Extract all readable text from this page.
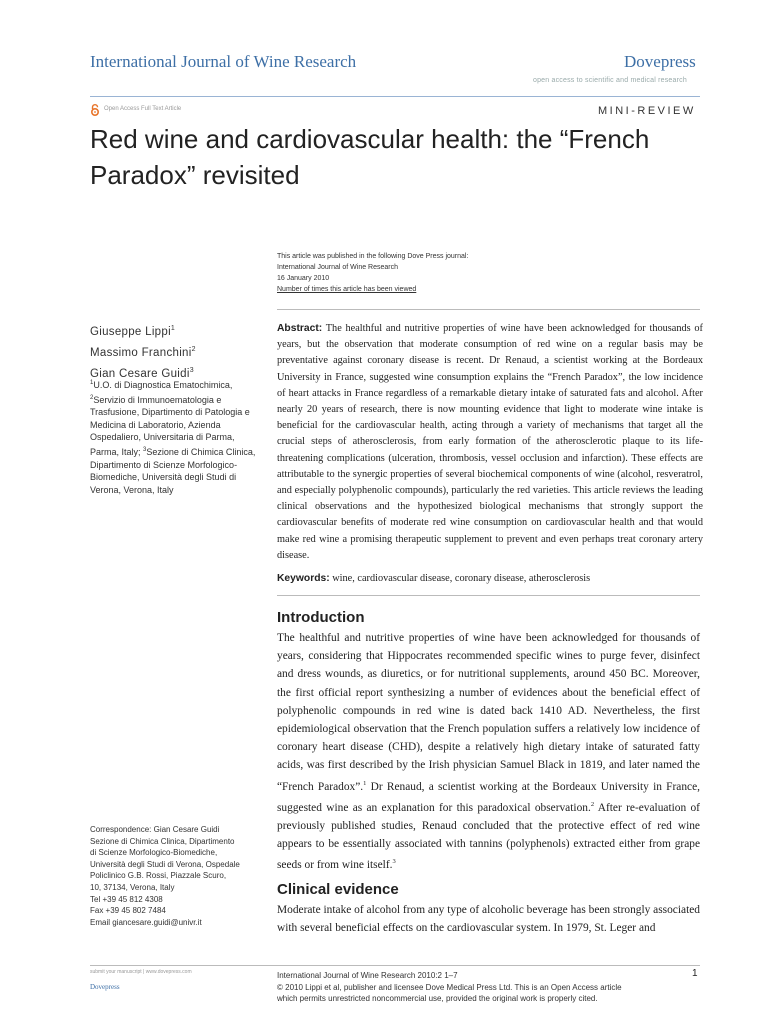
International Journal of Wine Research	Dovepress
open access to scientific and medical research
Open Access Full Text Article	MINI-REVIEW
Red wine and cardiovascular health: the “French Paradox” revisited
This article was published in the following Dove Press journal:
International Journal of Wine Research
16 January 2010
Number of times this article has been viewed
Giuseppe Lippi$^1$
Massimo Franchini$^2$
Gian Cesare Guidi$^3$
$^1$U.O. di Diagnostica Ematochimica, $^2$Servizio di Immunoematologia e Trasfusione, Dipartimento di Patologia e Medicina di Laboratorio, Azienda Ospedaliero, Universitaria di Parma, Parma, Italy; $^3$Sezione di Chimica Clinica, Dipartimento di Scienze Morfologico-Biomediche, Università degli Studi di Verona, Verona, Italy
Abstract: The healthful and nutritive properties of wine have been acknowledged for thousands of years, but the observation that moderate consumption of red wine on a regular basis may be preventative against coronary disease is recent. Dr Renaud, a scientist working at the Bordeaux University in France, suggested wine consumption explains the “French Paradox”, the low incidence of heart attacks in France regardless of a remarkable dietary intake of saturated fats and alcohol. After nearly 20 years of research, there is now mounting evidence that light to moderate wine intake is beneficial for the cardiovascular health, acting through a variety of mechanisms that target all the crucial steps of atherosclerosis, from early formation of the atherosclerotic plaque to its life-threatening complications (ulceration, thrombosis, vessel occlusion and infarction). These effects are attributable to the synergic properties of several biochemical components of wine (alcohol, resveratrol, and especially polyphenolic compounds), particularly the red varieties. This article reviews the leading clinical observations and the hypothesized biological mechanisms that strongly support the cardiovascular benefits of moderate red wine consumption on cardiovascular health and that would make red wine a promising therapeutic supplement to prevent and even perhaps treat coronary artery disease.
Keywords: wine, cardiovascular disease, coronary disease, atherosclerosis
Introduction
The healthful and nutritive properties of wine have been acknowledged for thousands of years, considering that Hippocrates recommended specific wines to purge fever, disinfect and dress wounds, as diuretics, or for nutritional supplements, around 450 BC. Moreover, the first official report synthesizing a number of evidences about the beneficial effect of polyphenolic compounds in red wine is dated back 1410 AD. Nevertheless, the first epidemiological observation that the French population suffers a relatively low incidence of coronary heart disease (CHD), despite a relatively high dietary intake of saturated fatty acids, was first described by the Irish physician Samuel Black in 1819, and later named the “French Paradox”.$^1$ Dr Renaud, a scientist working at the Bordeaux University in France, suggested wine as an explanation for this paradoxical observation.$^2$ After re-evaluation of previously published studies, Renaud concluded that the protective effect of red wine appears to be essentially associated with tannins (polyphenols) extracted either from grape seeds or from wine itself.$^3$
Clinical evidence
Moderate intake of alcohol from any type of alcoholic beverage has been strongly associated with several beneficial effects on the cardiovascular system. In 1979, St. Leger and
Correspondence: Gian Cesare Guidi
Sezione di Chimica Clinica, Dipartimento
di Scienze Morfologico-Biomediche,
Università degli Studi di Verona, Ospedale
Policlinico G.B. Rossi, Piazzale Scuro,
10, 37134, Verona, Italy
Tel +39 45 812 4308
Fax +39 45 802 7484
Email giancesare.guidi@univr.it
submit your manuscript | www.dovepress.com
Dovepress
International Journal of Wine Research 2010:2 1–7
© 2010 Lippi et al, publisher and licensee Dove Medical Press Ltd. This is an Open Access article
which permits unrestricted noncommercial use, provided the original work is properly cited.
1
